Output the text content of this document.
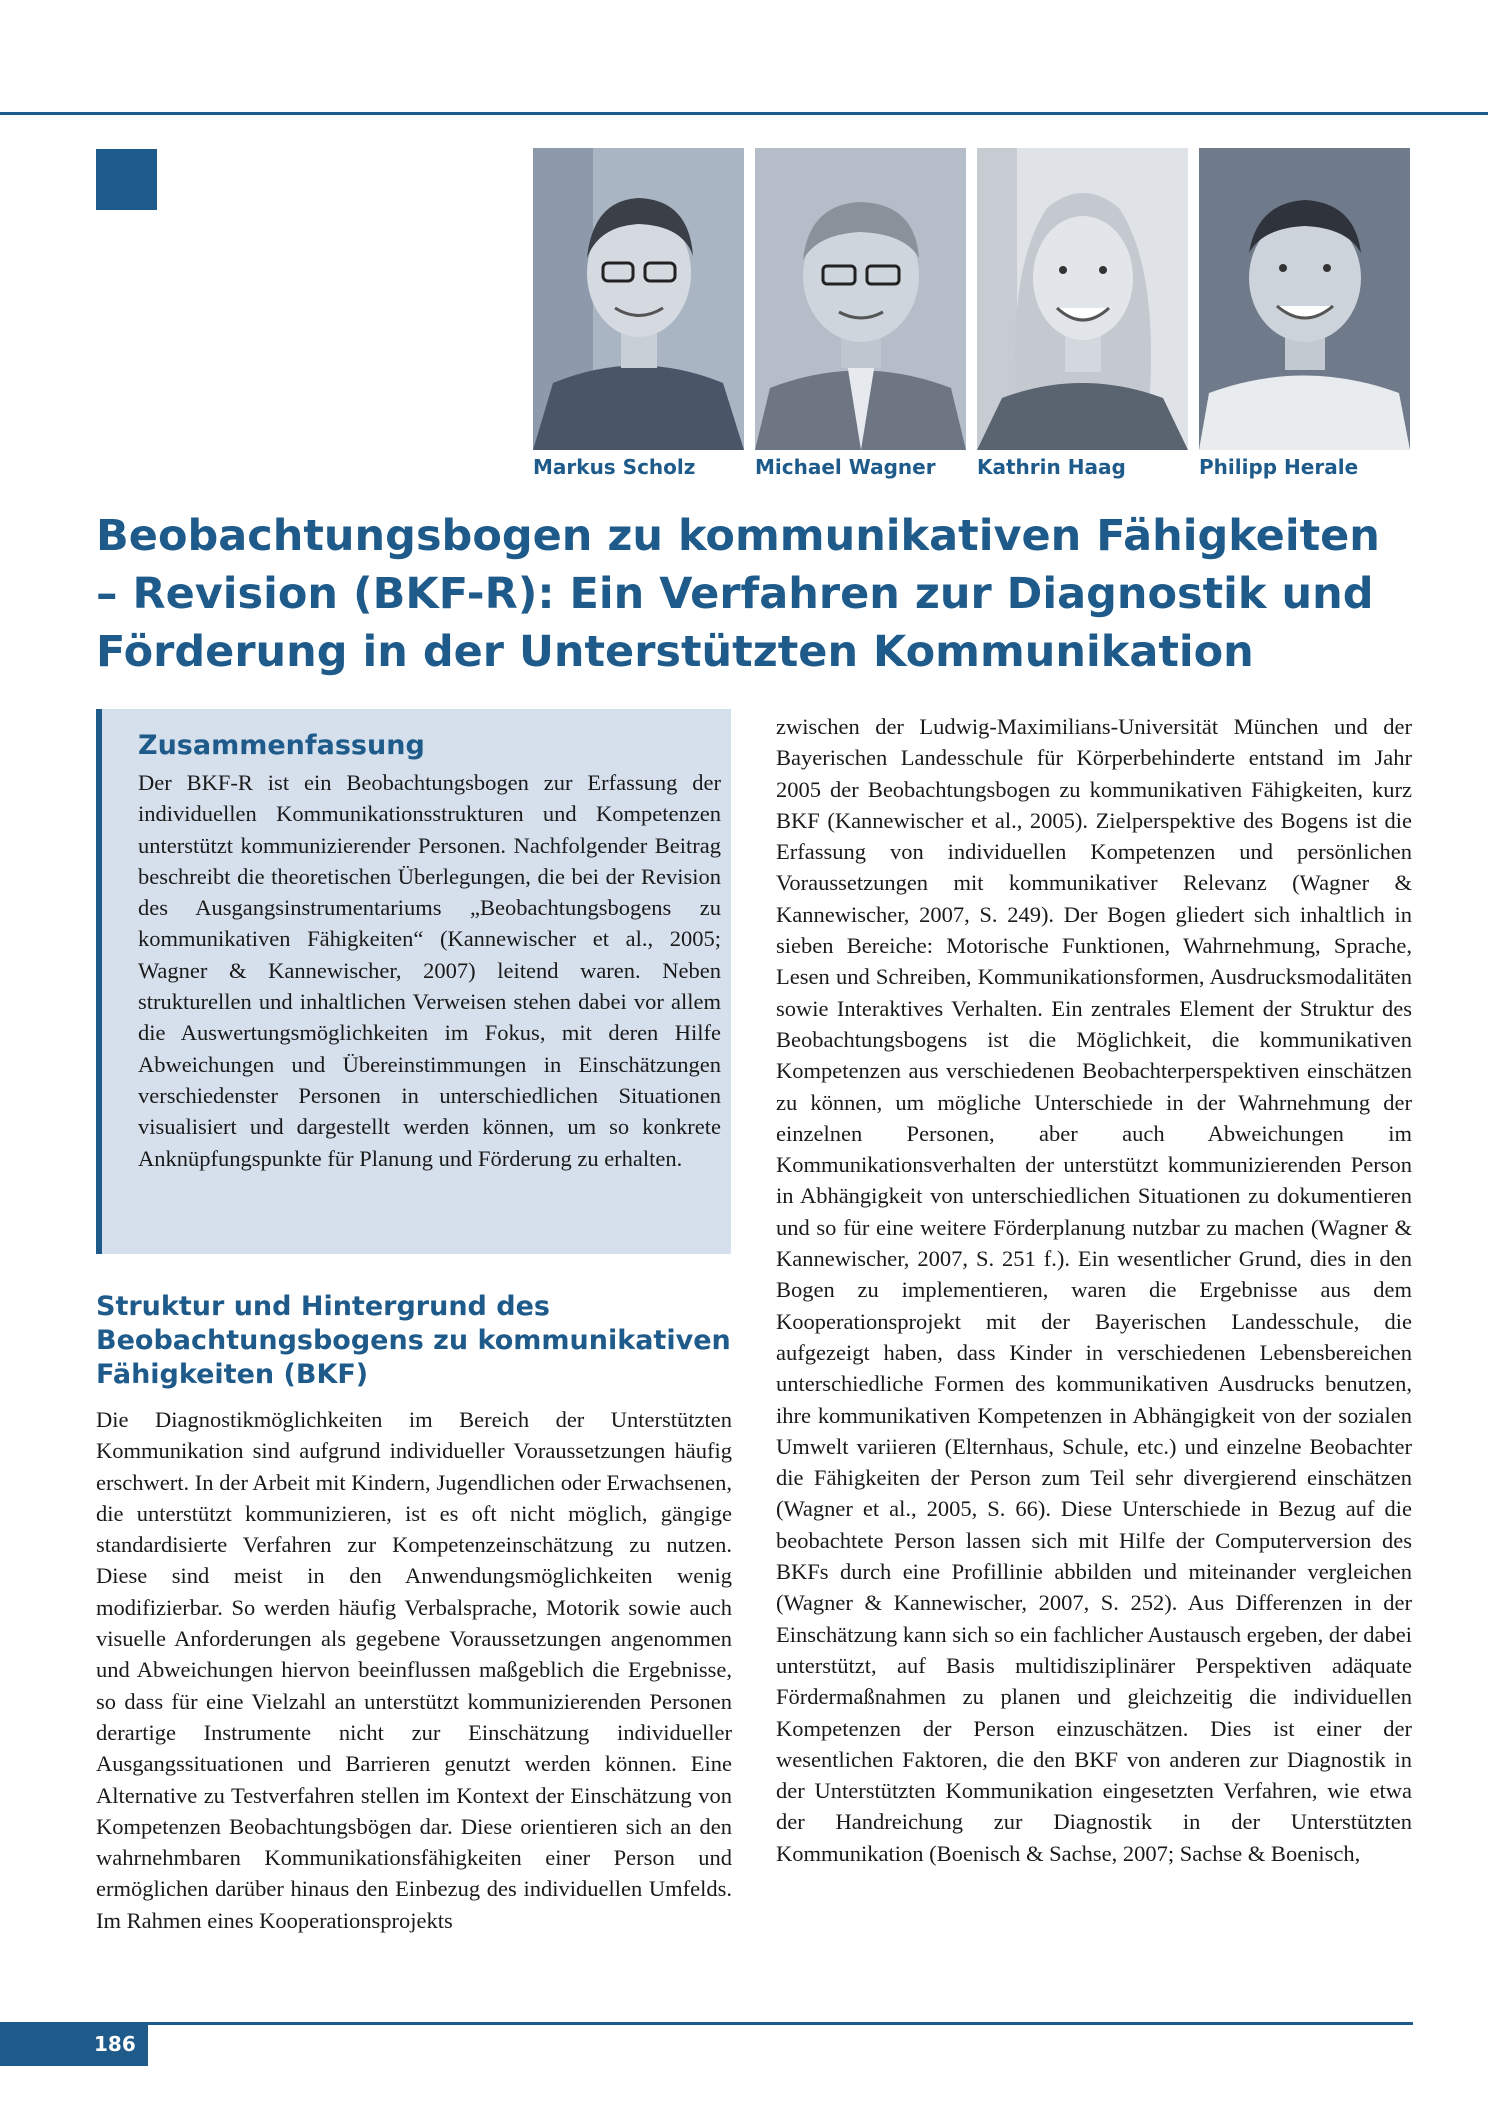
Markus Scholz	Michael Wagner	Kathrin Haag	Philipp Herale
Beobachtungsbogen zu kommunikativen Fähigkeiten – Revision (BKF-R): Ein Verfahren zur Diagnostik und Förderung in der Unterstützten Kommunikation
Zusammenfassung

Der BKF-R ist ein Beobachtungsbogen zur Erfassung der individuellen Kommunikationsstrukturen und Kompetenzen unterstützt kommunizierender Personen. Nachfolgender Beitrag beschreibt die theoretischen Überlegungen, die bei der Revision des Ausgangsinstrumentariums „Beobachtungsbogens zu kommunikativen Fähigkeiten“ (Kannewischer et al., 2005; Wagner & Kannewischer, 2007) leitend waren. Neben strukturellen und inhaltlichen Verweisen stehen dabei vor allem die Auswertungsmöglichkeiten im Fokus, mit deren Hilfe Abweichungen und Übereinstimmungen in Einschätzungen verschiedenster Personen in unterschiedlichen Situationen visualisiert und dargestellt werden können, um so konkrete Anknüpfungspunkte für Planung und Förderung zu erhalten.

Struktur und Hintergrund des Beobachtungsbogens zu kommunikativen Fähigkeiten (BKF)

Die Diagnostikmöglichkeiten im Bereich der Unterstützten Kommunikation sind aufgrund individueller Voraussetzungen häufig erschwert. In der Arbeit mit Kindern, Jugendlichen oder Erwachsenen, die unterstützt kommunizieren, ist es oft nicht möglich, gängige standardisierte Verfahren zur Kompetenzeinschätzung zu nutzen. Diese sind meist in den Anwendungsmöglichkeiten wenig modifizierbar. So werden häufig Verbalsprache, Motorik sowie auch visuelle Anforderungen als gegebene Voraussetzungen angenommen und Abweichungen hiervon beeinflussen maßgeblich die Ergebnisse, so dass für eine Vielzahl an unterstützt kommunizierenden Personen derartige Instrumente nicht zur Einschätzung individueller Ausgangssituationen und Barrieren genutzt werden können. Eine Alternative zu Testverfahren stellen im Kontext der Einschätzung von Kompetenzen Beobachtungsbögen dar. Diese orientieren sich an den wahrnehmbaren Kommunikationsfähigkeiten einer Person und ermöglichen darüber hinaus den Einbezug des individuellen Umfelds. Im Rahmen eines Kooperationsprojekts

zwischen der Ludwig-Maximilians-Universität München und der Bayerischen Landesschule für Körperbehinderte entstand im Jahr 2005 der Beobachtungsbogen zu kommunikativen Fähigkeiten, kurz BKF (Kannewischer et al., 2005). Zielperspektive des Bogens ist die Erfassung von individuellen Kompetenzen und persönlichen Voraussetzungen mit kommunikativer Relevanz (Wagner & Kannewischer, 2007, S. 249). Der Bogen gliedert sich inhaltlich in sieben Bereiche: Motorische Funktionen, Wahrnehmung, Sprache, Lesen und Schreiben, Kommunikationsformen, Ausdrucksmodalitäten sowie Interaktives Verhalten. Ein zentrales Element der Struktur des Beobachtungsbogens ist die Möglichkeit, die kommunikativen Kompetenzen aus verschiedenen Beobachterperspektiven einschätzen zu können, um mögliche Unterschiede in der Wahrnehmung der einzelnen Personen, aber auch Abweichungen im Kommunikationsverhalten der unterstützt kommunizierenden Person in Abhängigkeit von unterschiedlichen Situationen zu dokumentieren und so für eine weitere Förderplanung nutzbar zu machen (Wagner & Kannewischer, 2007, S. 251 f.). Ein wesentlicher Grund, dies in den Bogen zu implementieren, waren die Ergebnisse aus dem Kooperationsprojekt mit der Bayerischen Landesschule, die aufgezeigt haben, dass Kinder in verschiedenen Lebensbereichen unterschiedliche Formen des kommunikativen Ausdrucks benutzen, ihre kommunikativen Kompetenzen in Abhängigkeit von der sozialen Umwelt variieren (Elternhaus, Schule, etc.) und einzelne Beobachter die Fähigkeiten der Person zum Teil sehr divergierend einschätzen (Wagner et al., 2005, S. 66). Diese Unterschiede in Bezug auf die beobachtete Person lassen sich mit Hilfe der Computerversion des BKFs durch eine Profillinie abbilden und miteinander vergleichen (Wagner & Kannewischer, 2007, S. 252). Aus Differenzen in der Einschätzung kann sich so ein fachlicher Austausch ergeben, der dabei unterstützt, auf Basis multidisziplinärer Perspektiven adäquate Fördermaßnahmen zu planen und gleichzeitig die individuellen Kompetenzen der Person einzuschätzen. Dies ist einer der wesentlichen Faktoren, die den BKF von anderen zur Diagnostik in der Unterstützten Kommunikation eingesetzten Verfahren, wie etwa der Handreichung zur Diagnostik in der Unterstützten Kommunikation (Boenisch & Sachse, 2007; Sachse & Boenisch,

186
